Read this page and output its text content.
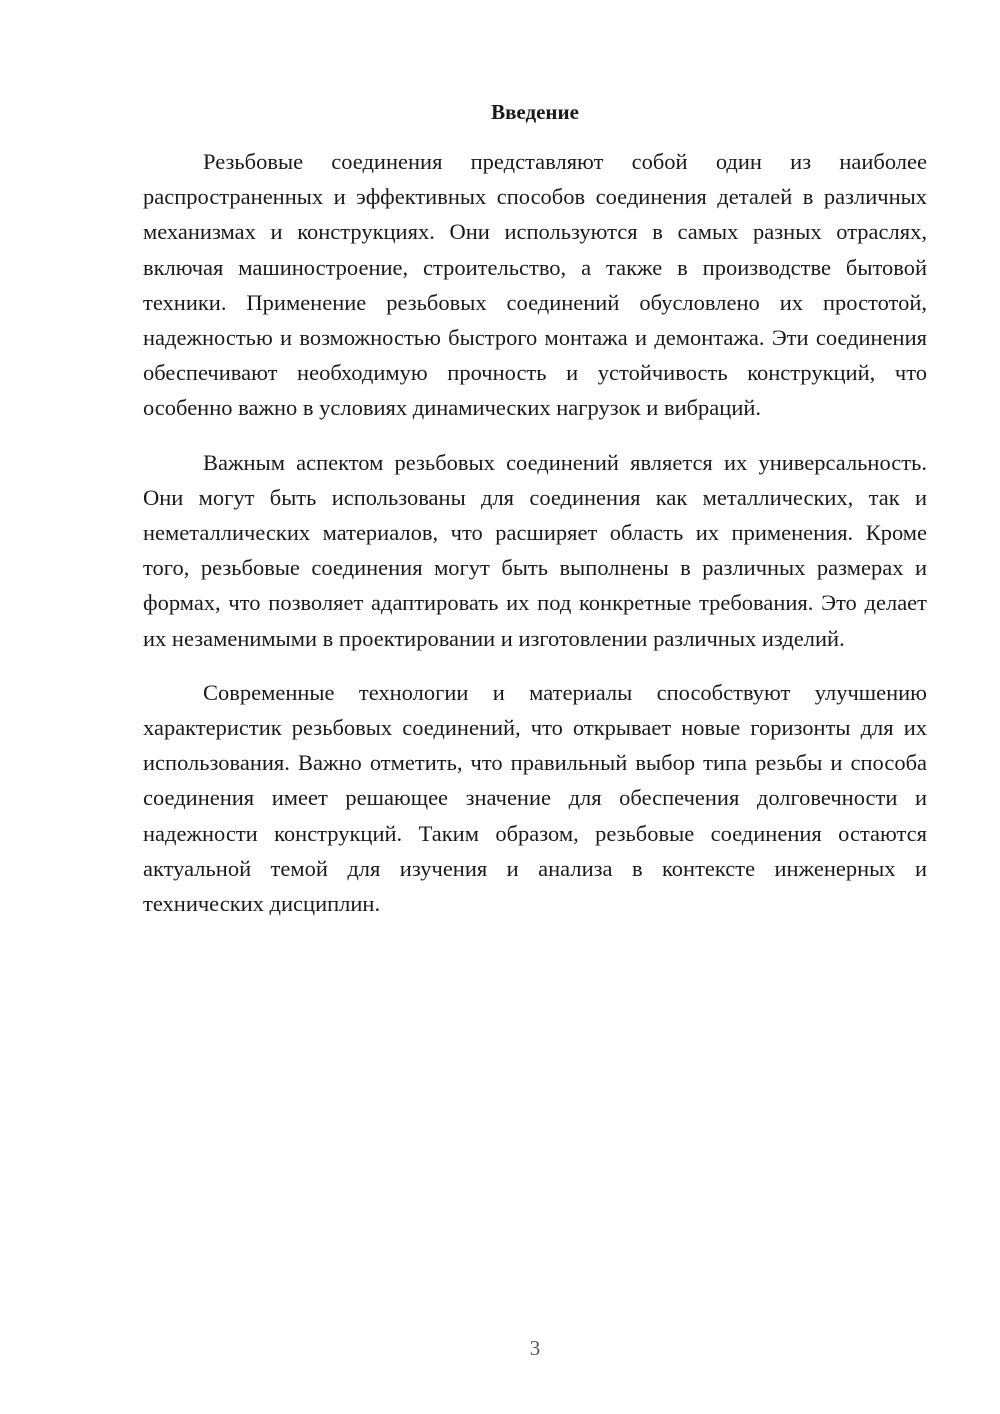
Введение

Резьбовые соединения представляют собой один из наиболее распространенных и эффективных способов соединения деталей в различных механизмах и конструкциях. Они используются в самых разных отраслях, включая машиностроение, строительство, а также в производстве бытовой техники. Применение резьбовых соединений обусловлено их простотой, надежностью и возможностью быстрого монтажа и демонтажа. Эти соединения обеспечивают необходимую прочность и устойчивость конструкций, что особенно важно в условиях динамических нагрузок и вибраций.

Важным аспектом резьбовых соединений является их универсальность. Они могут быть использованы для соединения как металлических, так и неметаллических материалов, что расширяет область их применения. Кроме того, резьбовые соединения могут быть выполнены в различных размерах и формах, что позволяет адаптировать их под конкретные требования. Это делает их незаменимыми в проектировании и изготовлении различных изделий.

Современные технологии и материалы способствуют улучшению характеристик резьбовых соединений, что открывает новые горизонты для их использования. Важно отметить, что правильный выбор типа резьбы и способа соединения имеет решающее значение для обеспечения долговечности и надежности конструкций. Таким образом, резьбовые соединения остаются актуальной темой для изучения и анализа в контексте инженерных и технических дисциплин.

3
